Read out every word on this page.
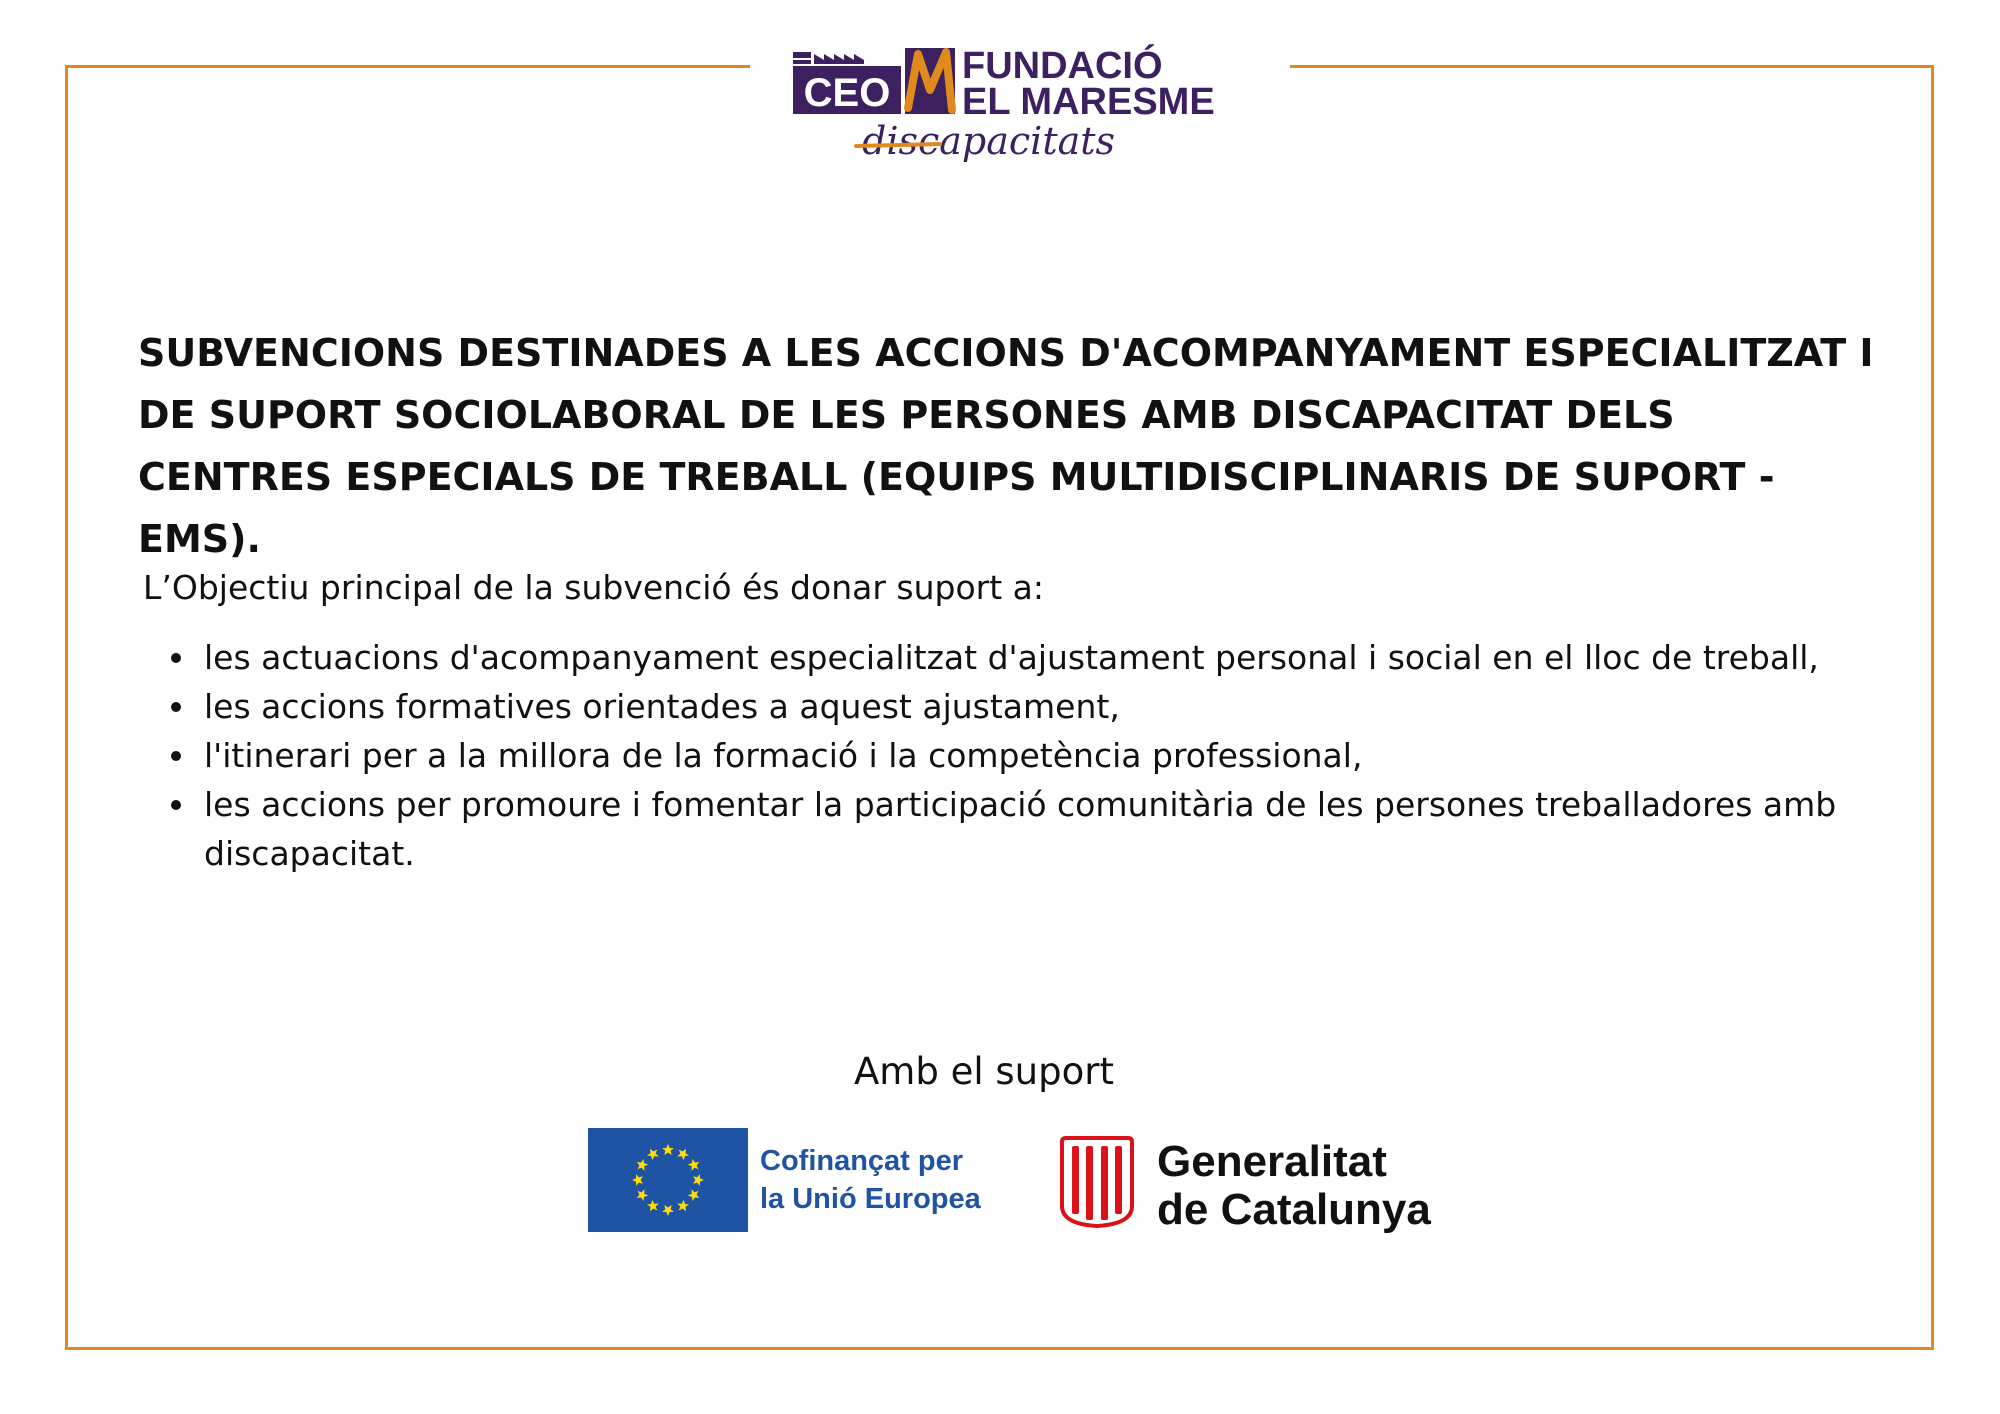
CEO
FUNDACIÓ
EL MARESME
discapacitats
SUBVENCIONS DESTINADES A LES ACCIONS D'ACOMPANYAMENT ESPECIALITZAT I DE SUPORT SOCIOLABORAL DE LES PERSONES AMB DISCAPACITAT DELS CENTRES ESPECIALS DE TREBALL (EQUIPS MULTIDISCIPLINARIS DE SUPORT - EMS).
L’Objectiu principal de la subvenció és donar suport a:
les actuacions d'acompanyament especialitzat d'ajustament personal i social en el lloc de treball,
les accions formatives orientades a aquest ajustament,
l'itinerari per a la millora de la formació i la competència professional,
les accions per promoure i fomentar la participació comunitària de les persones treballadores amb discapacitat.
Amb el suport
Cofinançat per
la Unió Europea
Generalitat
de Catalunya
